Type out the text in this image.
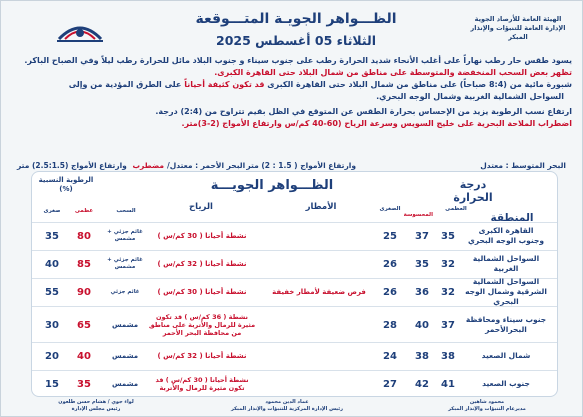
الهيئة العامة للأرصاد الجوية
الإدارة العامة للتنبؤات والإنذار المبكر
الظـــواهر الجويـة المتـــوقعة
الثلاثاء 05 أغسطس 2025
يسود طقس حار رطب نهاراً على أغلب الأنحاء شديد الحرارة رطب على جنوب سيناء و جنوب البلاد مائل للحرارة رطب ليلاً وفي الصباح الباكر.
تظهر بعض السحب المنخفضة والمتوسطة على مناطق من شمال البلاد حتى القاهرة الكبرى.
شبورة مائية من (8:4 صباحاً) على مناطق من شمال البلاد حتى القاهرة الكبرى قد تكون كثيفة أحياناً على الطرق المؤدية من وإلى
السواحل الشمالية الغربية وشمال الوجه البحري.
ارتفاع نسب الرطوبة يزيد من الإحساس بحرارة الطقس عن المتوقع في الظل بقيم تتراوح من (2:4) درجة.
اضطراب الملاحة البحرية على خليج السويس وسرعة الرياح (60-40 كم/س وارتفاع الأمواج (2-3)متر.
البحر المتوسط : معتدل
وارتفاع الأمواج ( 1.5 : 2) متر
البحر الأحمر : معتدل/مضطرب وارتفاع الأمواج (2.5:1.5) متر
درجة الحرارة
المنطقة
الظـــواهر الجويـــة
الرطوبة النسبية (%)
العظمى
المحسوسة
الصغرى
الأمطار
الرياح
السحب
عظمى
صغرى
القاهرة الكبرى وجنوب الوجه البحري
35
37
25
نشطة أحيانا ( 30 كم/س )
غائم جزئي + مشمس
80
35
السواحل الشمالية الغربية
32
35
26
نشطة أحيانا ( 32 كم/س )
غائم جزئي + مشمس
85
40
السواحل الشمالية الشرقية وشمال الوجه البحري
32
36
26
فرص ضعيفة لأمطار خفيفة
نشطة أحيانا ( 30 كم/س )
غائم جزئي
90
55
جنوب سيناء ومحافظة البحرالأحمر
37
40
28
نشطة ( 36 كم/س ) قد تكون مثيرة للرمال والأتربة على مناطق من محافظة البحر الأحمر
مشمس
65
30
شمال الصعيد
38
38
24
نشطة أحيانا ( 32 كم/س )
مشمس
40
20
جنوب الصعيد
41
42
27
نشطة أحيانا ( 30 كم/س ) قد تكون مثيرة للرمال والأتربة
مشمس
35
15
محمود شاهين
مديرعام التنبؤات والإنذار المبكر
عماد الدين محمود
رئيس الإدارة المركزية للتنبؤات والإنذار المبكر
لواء جوي / هشام حسن طلعون
رئيس مجلس الإدارة
